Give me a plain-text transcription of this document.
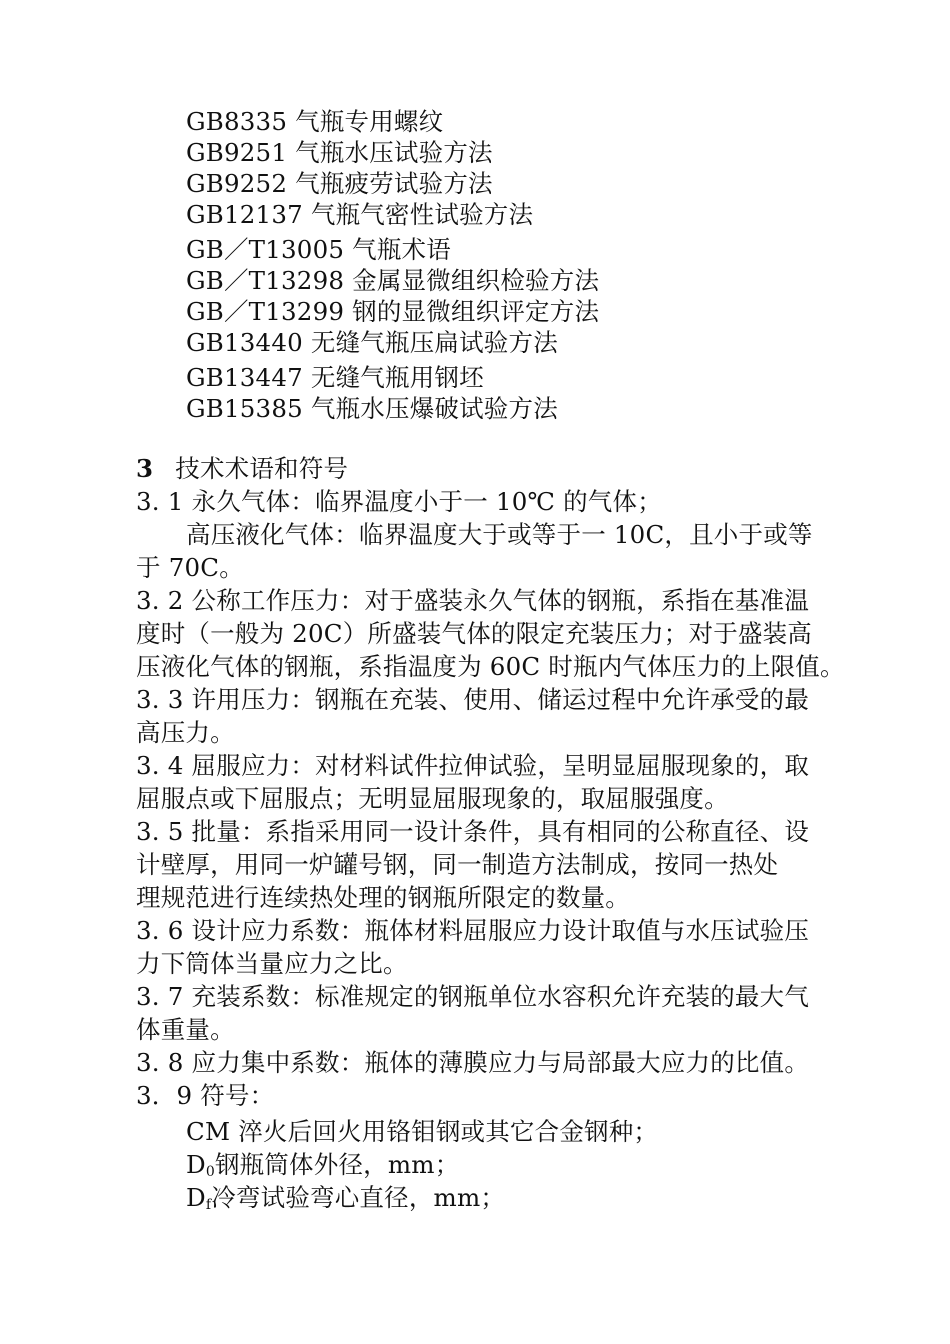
GB8335 气瓶专用螺纹
GB9251 气瓶水压试验方法
GB9252 气瓶疲劳试验方法
GB12137 气瓶气密性试验方法
GB／T13005 气瓶术语
GB／T13298 金属显微组织检验方法
GB／T13299 钢的显微组织评定方法
GB13440 无缝气瓶压扁试验方法
GB13447 无缝气瓶用钢坯
GB15385 气瓶水压爆破试验方法
3 技术术语和符号
3. 1 永久气体：临界温度小于一 10℃ 的气体；
高压液化气体：临界温度大于或等于一 10C，且小于或等
于 70C。
3. 2 公称工作压力：对于盛装永久气体的钢瓶，系指在基准温
度时（一般为 20C）所盛装气体的限定充装压力；对于盛装高
压液化气体的钢瓶，系指温度为 60C 时瓶内气体压力的上限值。
3. 3 许用压力：钢瓶在充装、使用、储运过程中允许承受的最
高压力。
3. 4 屈服应力：对材料试件拉伸试验，呈明显屈服现象的，取
屈服点或下屈服点；无明显屈服现象的，取屈服强度。
3. 5 批量：系指采用同一设计条件，具有相同的公称直径、设
计壁厚，用同一炉罐号钢，同一制造方法制成，按同一热处
理规范进行连续热处理的钢瓶所限定的数量。
3. 6 设计应力系数：瓶体材料屈服应力设计取值与水压试验压
力下筒体当量应力之比。
3. 7 充装系数：标准规定的钢瓶单位水容积允许充装的最大气
体重量。
3. 8 应力集中系数：瓶体的薄膜应力与局部最大应力的比值。
3．9 符号：
CM 淬火后回火用铬钼钢或其它合金钢种；
$D_0$钢瓶筒体外径，mm；
$D_f$冷弯试验弯心直径，mm；
